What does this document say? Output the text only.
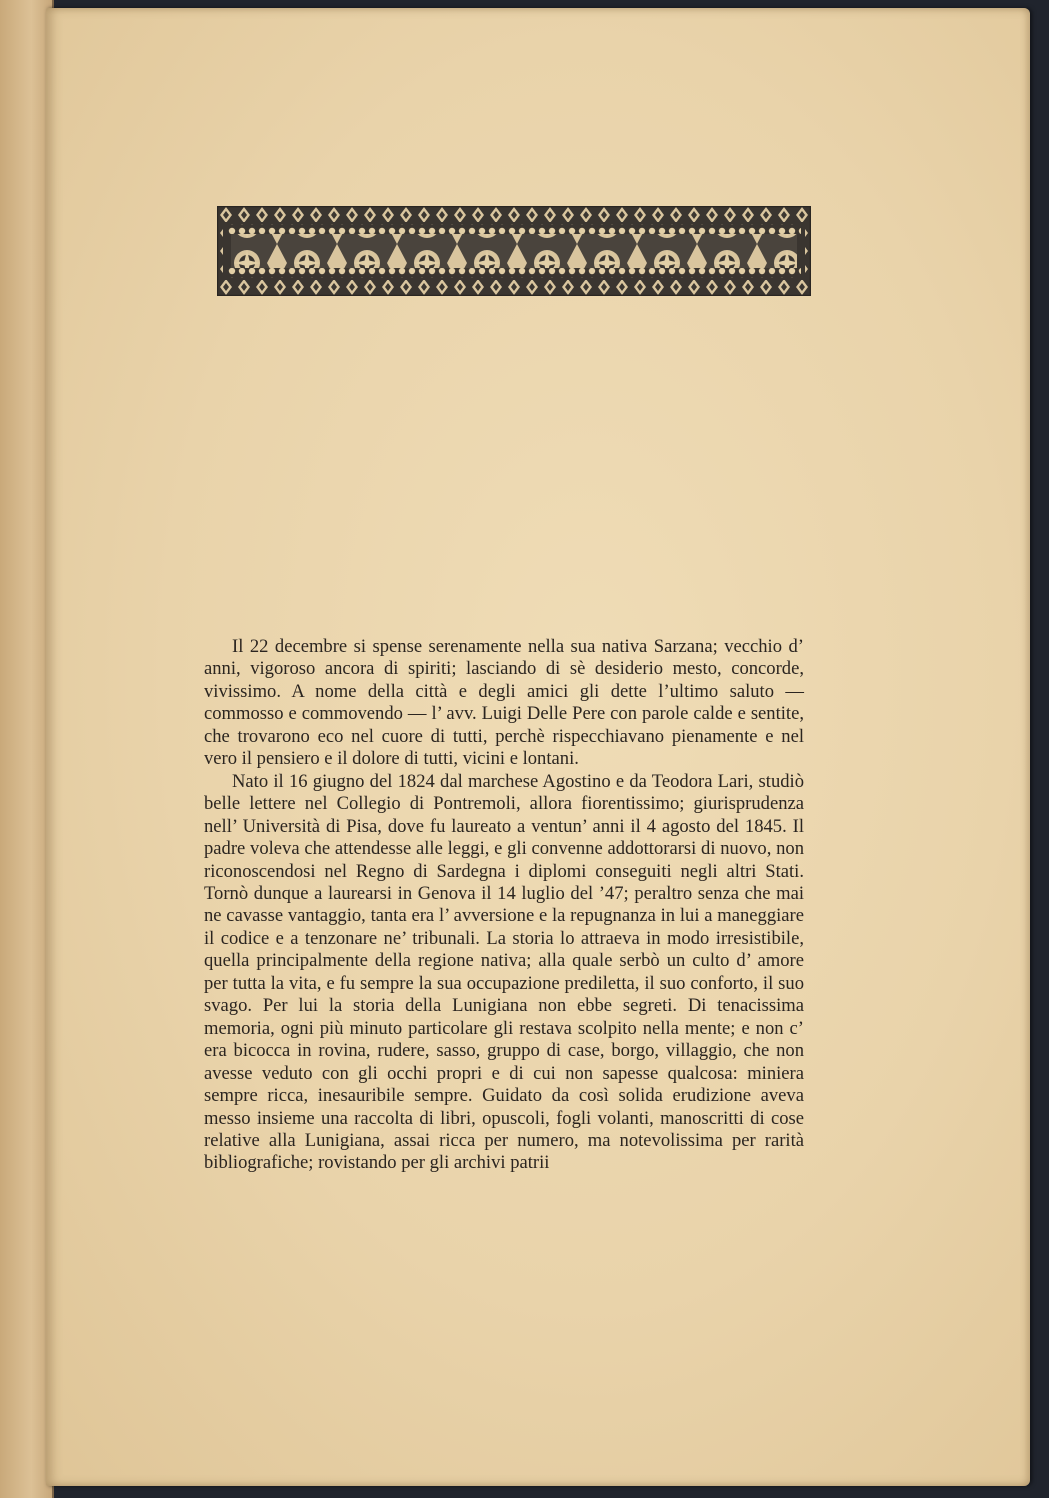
Il 22 decembre si spense serenamente nella sua nativa Sarzana; vecchio d’ anni, vigoroso ancora di spiriti; lasciando di sè desiderio mesto, concorde, vivissimo. A nome della città e degli amici gli dette l’ultimo saluto — commosso e commovendo — l’ avv. Luigi Delle Pere con parole calde e sentite, che trovarono eco nel cuore di tutti, perchè rispecchiavano pienamente e nel vero il pensiero e il dolore di tutti, vicini e lontani.

Nato il 16 giugno del 1824 dal marchese Agostino e da Teodora Lari, studiò belle lettere nel Collegio di Pontremoli, allora fiorentissimo; giurisprudenza nell’ Università di Pisa, dove fu laureato a ventun’ anni il 4 agosto del 1845. Il padre voleva che attendesse alle leggi, e gli convenne addottorarsi di nuovo, non riconoscendosi nel Regno di Sardegna i diplomi conseguiti negli altri Stati. Tornò dunque a laurearsi in Genova il 14 luglio del ’47; peraltro senza che mai ne cavasse vantaggio, tanta era l’ avversione e la repugnanza in lui a maneggiare il codice e a tenzonare ne’ tribunali. La storia lo attraeva in modo irresistibile, quella principalmente della regione nativa; alla quale serbò un culto d’ amore per tutta la vita, e fu sempre la sua occupazione prediletta, il suo conforto, il suo svago. Per lui la storia della Lunigiana non ebbe segreti. Di tenacissima memoria, ogni più minuto particolare gli restava scolpito nella mente; e non c’ era bicocca in rovina, rudere, sasso, gruppo di case, borgo, villaggio, che non avesse veduto con gli occhi propri e di cui non sapesse qualcosa: miniera sempre ricca, inesauribile sempre. Guidato da così solida erudizione aveva messo insieme una raccolta di libri, opuscoli, fogli volanti, manoscritti di cose relative alla Lunigiana, assai ricca per numero, ma notevolissima per rarità bibliografiche; rovistando per gli archivi patrii
